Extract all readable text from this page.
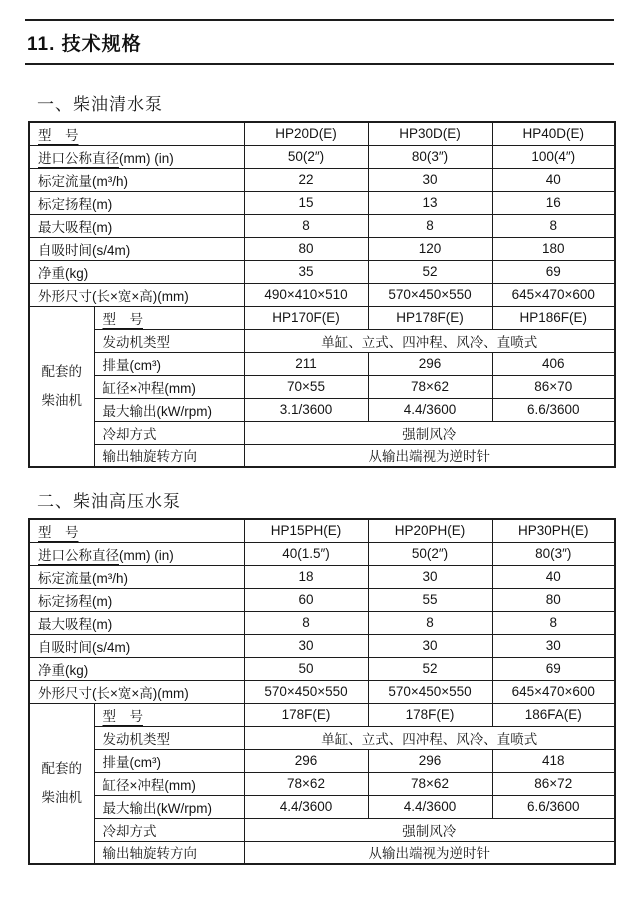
11. 技术规格
一、柴油清水泵
型　号		HP20D(E)	HP30D(E)	HP40D(E)
进口公称直径(mm) (in)		50(2″)	80(3″)	100(4″)
标定流量(m³/h)		22	30	40
标定扬程(m)		15	13	16
最大吸程(m)		8	8	8
自吸时间(s/4m)		80	120	180
净重(kg)		35	52	69
外形尺寸(长×宽×高)(mm)		490×410×510	570×450×550	645×470×600

配套的
柴油机	型　号	HP170F(E)	HP178F(E)	HP186F(E)
	发动机类型	单缸、立式、四冲程、风冷、直喷式		
	排量(cm³)	211	296	406
	缸径×冲程(mm)	70×55	78×62	86×70
	最大输出(kW/rpm)	3.1/3600	4.4/3600	6.6/3600
	冷却方式	强制风冷		
	输出轴旋转方向	从输出端视为逆时针		
二、柴油高压水泵
型　号		HP15PH(E)	HP20PH(E)	HP30PH(E)
进口公称直径(mm) (in)		40(1.5″)	50(2″)	80(3″)
标定流量(m³/h)		18	30	40
标定扬程(m)		60	55	80
最大吸程(m)		8	8	8
自吸时间(s/4m)		30	30	30
净重(kg)		50	52	69
外形尺寸(长×宽×高)(mm)		570×450×550	570×450×550	645×470×600

配套的
柴油机	型　号	178F(E)	178F(E)	186FA(E)
	发动机类型	单缸、立式、四冲程、风冷、直喷式		
	排量(cm³)	296	296	418
	缸径×冲程(mm)	78×62	78×62	86×72
	最大输出(kW/rpm)	4.4/3600	4.4/3600	6.6/3600
	冷却方式	强制风冷		
	输出轴旋转方向	从输出端视为逆时针		
